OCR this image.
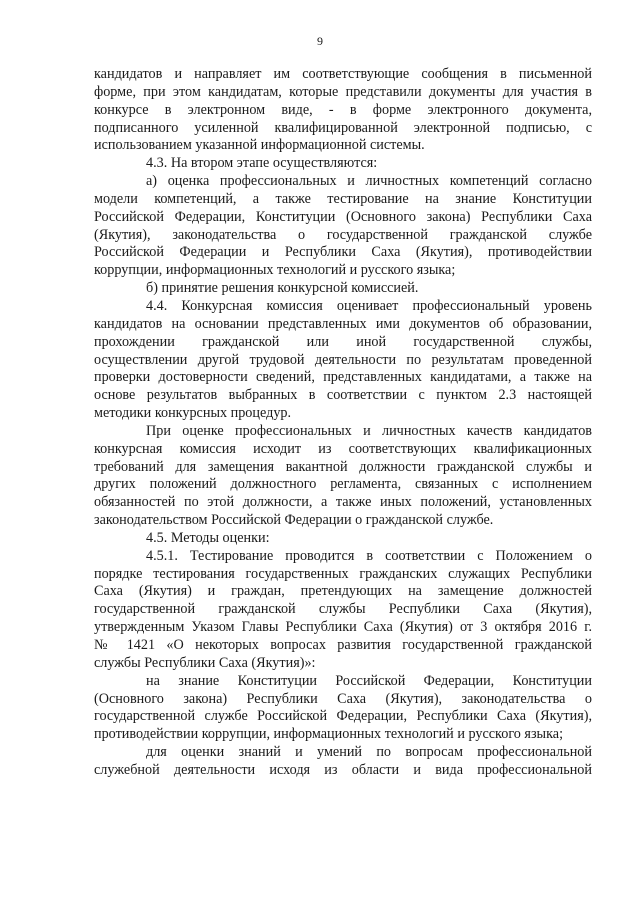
9
кандидатов и направляет им соответствующие сообщения в письменной
форме, при этом кандидатам, которые представили документы для участия в
конкурсе в электронном виде, - в форме электронного документа,
подписанного усиленной квалифицированной электронной подписью, с
использованием указанной информационной системы.
4.3. На втором этапе осуществляются:
а) оценка профессиональных и личностных компетенций согласно
модели компетенций, а также тестирование на знание Конституции
Российской Федерации, Конституции (Основного закона) Республики Саха
(Якутия), законодательства о государственной гражданской службе
Российской Федерации и Республики Саха (Якутия), противодействии
коррупции, информационных технологий и русского языка;
б) принятие решения конкурсной комиссией.
4.4. Конкурсная комиссия оценивает профессиональный уровень
кандидатов на основании представленных ими документов об образовании,
прохождении гражданской или иной государственной службы,
осуществлении другой трудовой деятельности по результатам проведенной
проверки достоверности сведений, представленных кандидатами, а также на
основе результатов выбранных в соответствии с пунктом 2.3 настоящей
методики конкурсных процедур.
При оценке профессиональных и личностных качеств кандидатов
конкурсная комиссия исходит из соответствующих квалификационных
требований для замещения вакантной должности гражданской службы и
других положений должностного регламента, связанных с исполнением
обязанностей по этой должности, а также иных положений, установленных
законодательством Российской Федерации о гражданской службе.
4.5. Методы оценки:
4.5.1. Тестирование проводится в соответствии с Положением о
порядке тестирования государственных гражданских служащих Республики
Саха (Якутия) и граждан, претендующих на замещение должностей
государственной гражданской службы Республики Саха (Якутия),
утвержденным Указом Главы Республики Саха (Якутия) от 3 октября 2016 г.
№ 1421 «О некоторых вопросах развития государственной гражданской
службы Республики Саха (Якутия)»:
на знание Конституции Российской Федерации, Конституции
(Основного закона) Республики Саха (Якутия), законодательства о
государственной службе Российской Федерации, Республики Саха (Якутия),
противодействии коррупции, информационных технологий и русского языка;
для оценки знаний и умений по вопросам профессиональной
служебной деятельности исходя из области и вида профессиональной
